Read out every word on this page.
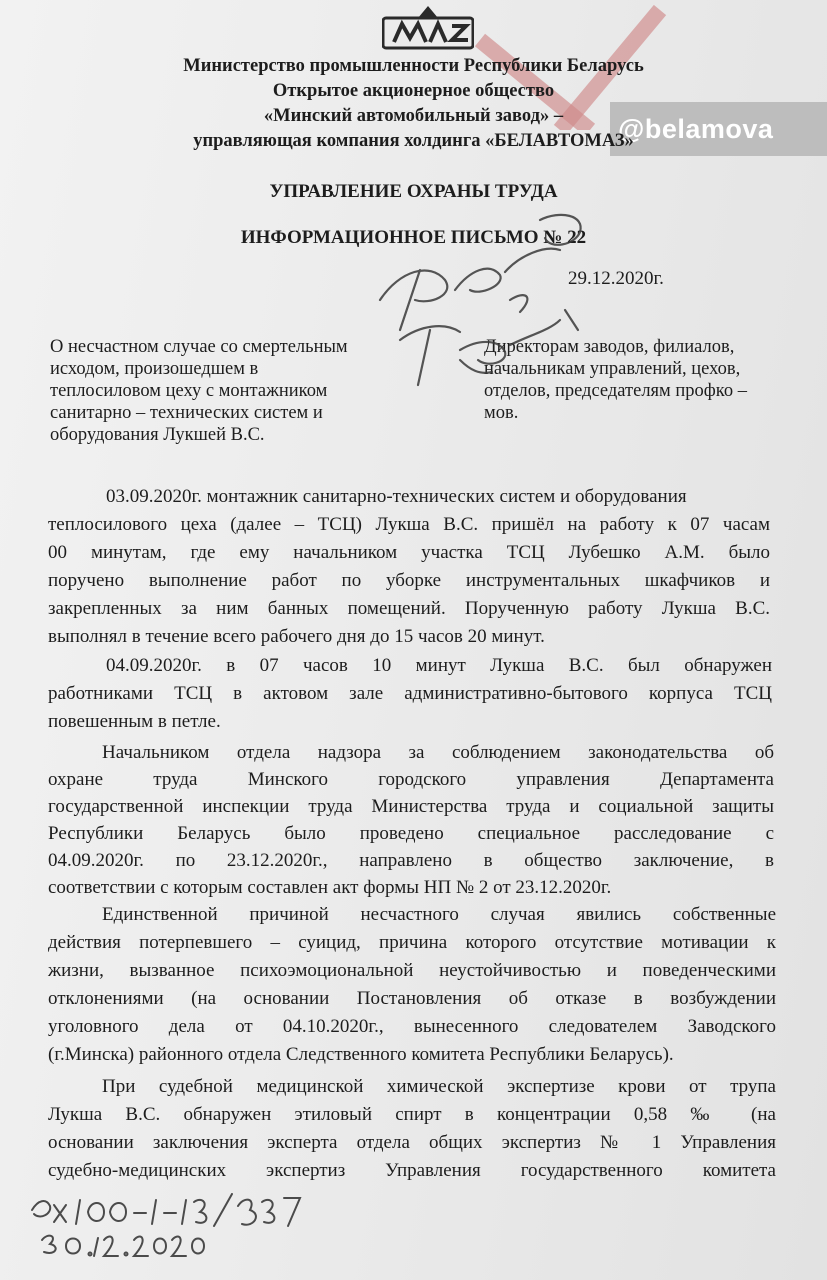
@belamova
Министерство промышленности Республики Беларусь
Открытое акционерное общество
«Минский автомобильный завод» –
управляющая компания холдинга «БЕЛАВТОМАЗ»
УПРАВЛЕНИЕ ОХРАНЫ ТРУДА
ИНФОРМАЦИОННОЕ ПИСЬМО № 22
29.12.2020г.
О несчастном случае со смертельным
исходом, произошедшем в
теплосиловом цеху с монтажником
санитарно – технических систем и
оборудования Лукшей В.С.
Директорам заводов, филиалов,
начальникам управлений, цехов,
отделов, председателям профко –
мов.
03.09.2020г. монтажник санитарно-технических систем и оборудования
теплосилового цеха (далее – ТСЦ) Лукша В.С. пришёл на работу к 07 часам
00 минутам, где ему начальником участка ТСЦ Лубешко А.М. было
поручено выполнение работ по уборке инструментальных шкафчиков и
закрепленных за ним банных помещений. Порученную работу Лукша В.С.
выполнял в течение всего рабочего дня до 15 часов 20 минут.
04.09.2020г. в 07 часов 10 минут Лукша В.С. был обнаружен
работниками ТСЦ в актовом зале административно-бытового корпуса ТСЦ
повешенным в петле.
Начальником отдела надзора за соблюдением законодательства об
охране труда Минского городского управления Департамента
государственной инспекции труда Министерства труда и социальной защиты
Республики Беларусь было проведено специальное расследование с
04.09.2020г. по 23.12.2020г., направлено в общество заключение, в
соответствии с которым составлен акт формы НП № 2 от 23.12.2020г.
Единственной причиной несчастного случая явились собственные
действия потерпевшего – суицид, причина которого отсутствие мотивации к
жизни, вызванное психоэмоциональной неустойчивостью и поведенческими
отклонениями (на основании Постановления об отказе в возбуждении
уголовного дела от 04.10.2020г., вынесенного следователем Заводского
(г.Минска) районного отдела Следственного комитета Республики Беларусь).
При судебной медицинской химической экспертизе крови от трупа
Лукша В.С. обнаружен этиловый спирт в концентрации 0,58 ‰ (на
основании заключения эксперта отдела общих экспертиз № 1 Управления
судебно-медицинских экспертиз Управления государственного комитета
